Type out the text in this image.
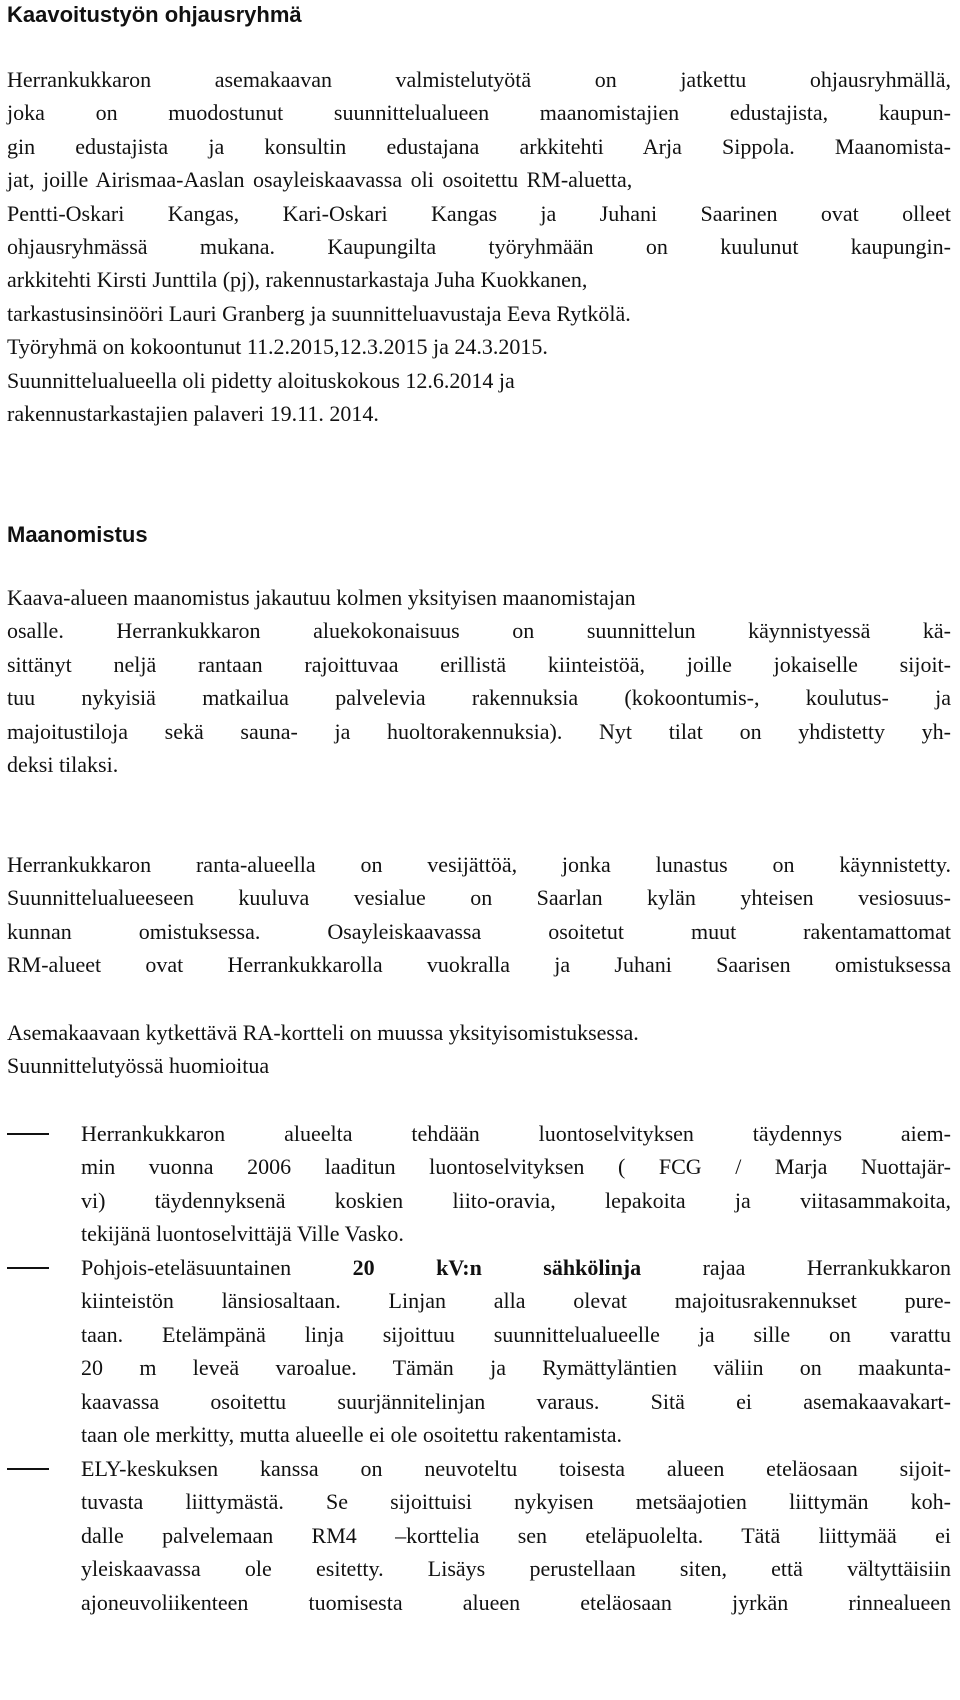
Kaavoitustyön ohjausryhmä
Herrankukkaron asemakaavan valmistelutyötä on jatkettu ohjausryhmällä,
joka on muodostunut suunnittelualueen maanomistajien edustajista, kaupun-
gin edustajista ja konsultin edustajana arkkitehti Arja Sippola. Maanomista-
jat, joille Airismaa-Aaslan osayleiskaavassa oli osoitettu RM-aluetta,
Pentti-Oskari Kangas, Kari-Oskari Kangas ja Juhani Saarinen ovat olleet
ohjausryhmässä mukana. Kaupungilta työryhmään on kuulunut kaupungin-
arkkitehti Kirsti Junttila (pj), rakennustarkastaja Juha Kuokkanen,
tarkastusinsinööri Lauri Granberg ja suunnitteluavustaja Eeva Rytkölä.
Työryhmä on kokoontunut 11.2.2015,12.3.2015 ja 24.3.2015.
Suunnittelualueella oli pidetty aloituskokous 12.6.2014 ja
rakennustarkastajien palaveri 19.11. 2014.
Maanomistus
Kaava-alueen maanomistus jakautuu kolmen yksityisen maanomistajan
osalle. Herrankukkaron aluekokonaisuus on suunnittelun käynnistyessä kä-
sittänyt neljä rantaan rajoittuvaa erillistä kiinteistöä, joille jokaiselle sijoit-
tuu nykyisiä matkailua palvelevia rakennuksia (kokoontumis-, koulutus- ja
majoitustiloja sekä sauna- ja huoltorakennuksia). Nyt tilat on yhdistetty yh-
deksi tilaksi.
Herrankukkaron ranta-alueella on vesijättöä, jonka lunastus on käynnistetty.
Suunnittelualueeseen kuuluva vesialue on Saarlan kylän yhteisen vesiosuus-
kunnan omistuksessa. Osayleiskaavassa osoitetut muut rakentamattomat
RM-alueet ovat Herrankukkarolla vuokralla ja Juhani Saarisen omistuksessa
Asemakaavaan kytkettävä RA-kortteli on muussa yksityisomistuksessa.
Suunnittelutyössä huomioitua
Herrankukkaron alueelta tehdään luontoselvityksen täydennys aiem-
min vuonna 2006 laaditun luontoselvityksen ( FCG / Marja Nuottajär-
vi) täydennyksenä koskien liito-oravia, lepakoita ja viitasammakoita,
tekijänä luontoselvittäjä Ville Vasko.
Pohjois-eteläsuuntainen 20 kV:n sähkölinja rajaa Herrankukkaron
kiinteistön länsiosaltaan. Linjan alla olevat majoitusrakennukset pure-
taan. Etelämpänä linja sijoittuu suunnittelualueelle ja sille on varattu
20 m leveä varoalue. Tämän ja Rymättyläntien väliin on maakunta-
kaavassa osoitettu suurjännitelinjan varaus. Sitä ei asemakaavakart-
taan ole merkitty, mutta alueelle ei ole osoitettu rakentamista.
ELY-keskuksen kanssa on neuvoteltu toisesta alueen eteläosaan sijoit-
tuvasta liittymästä. Se sijoittuisi nykyisen metsäajotien liittymän koh-
dalle palvelemaan RM4 –korttelia sen eteläpuolelta. Tätä liittymää ei
yleiskaavassa ole esitetty. Lisäys perustellaan siten, että vältyttäisiin
ajoneuvoliikenteen tuomisesta alueen eteläosaan jyrkän rinnealueen
